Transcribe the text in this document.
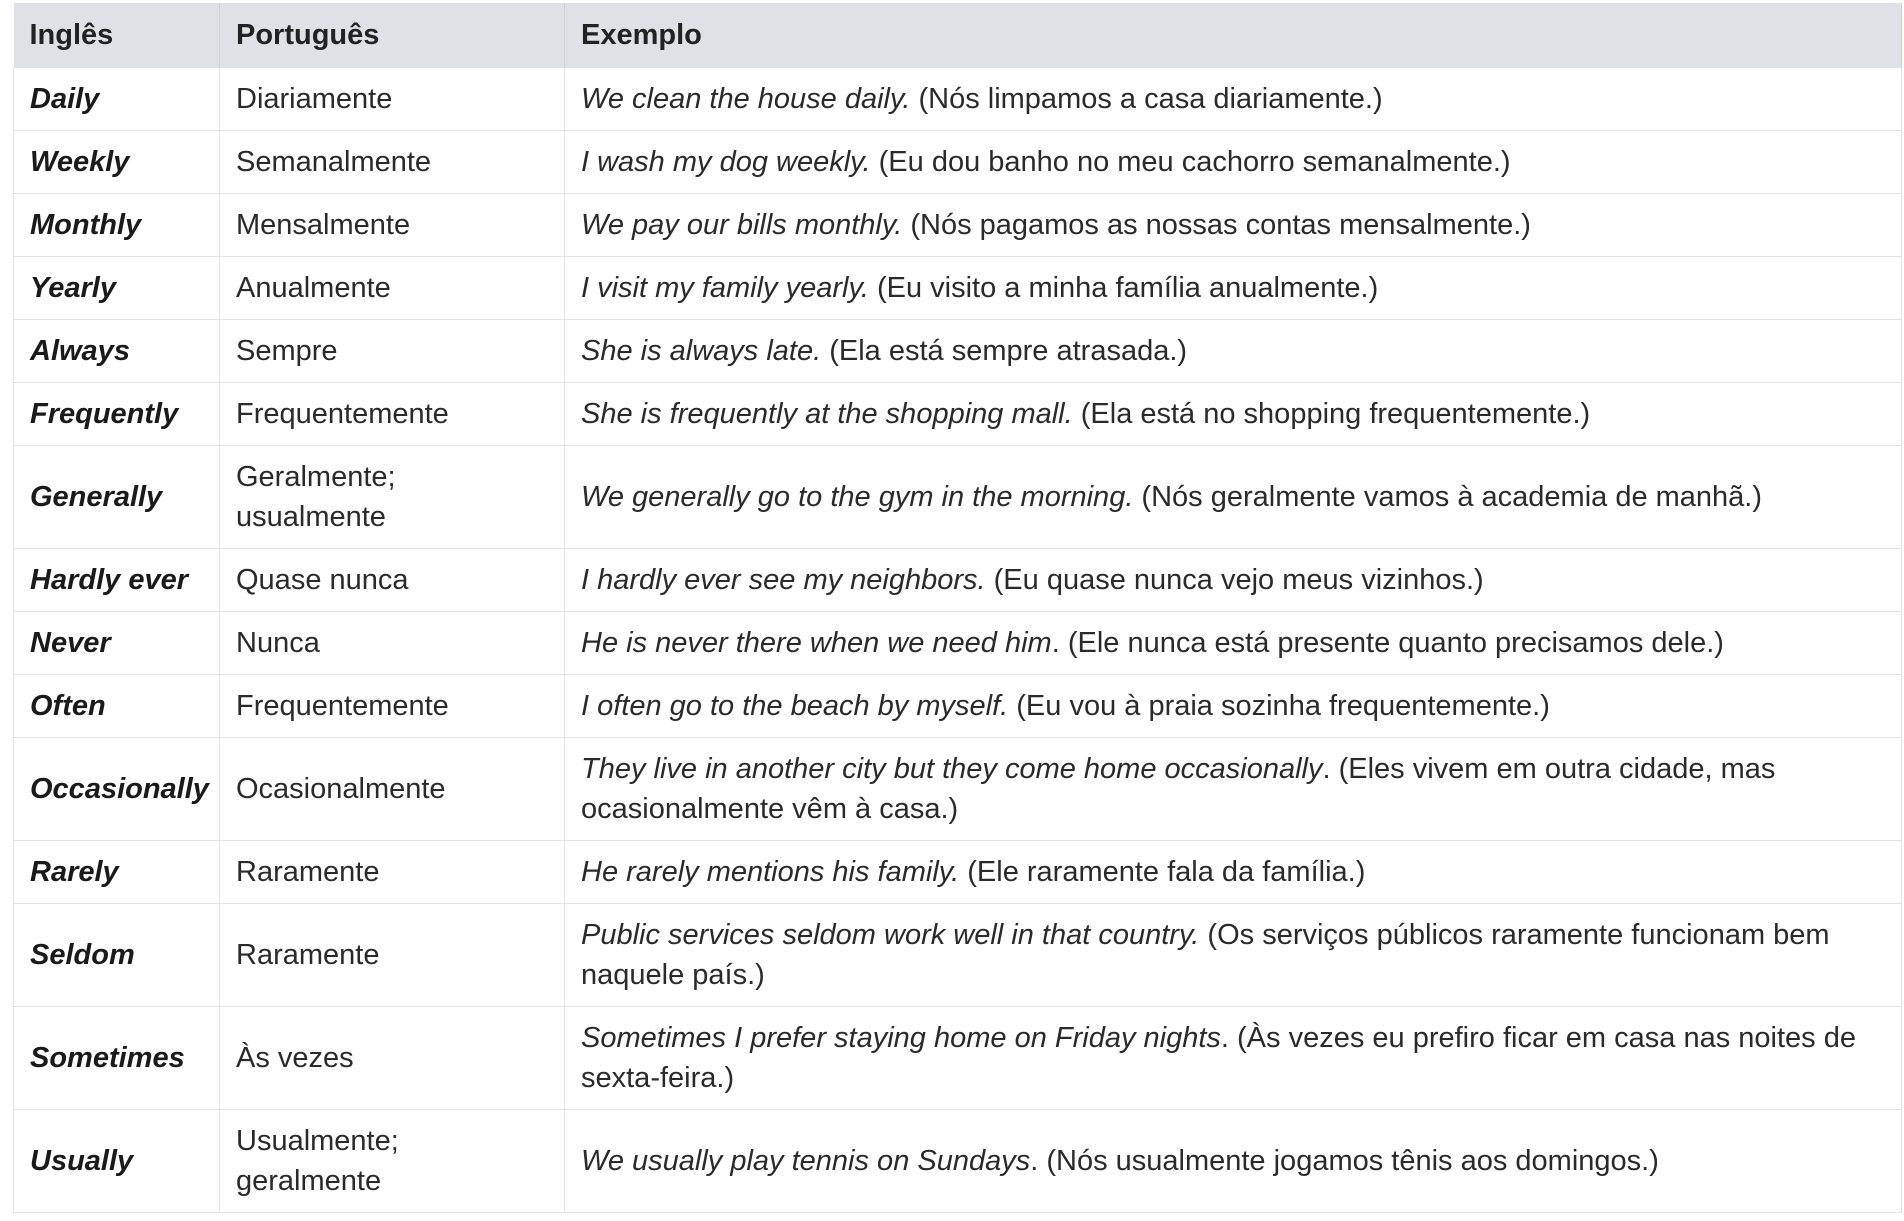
Inglês	Português	Exemplo
Daily	Diariamente	We clean the house daily. (Nós limpamos a casa diariamente.)
Weekly	Semanalmente	I wash my dog weekly. (Eu dou banho no meu cachorro semanalmente.)
Monthly	Mensalmente	We pay our bills monthly. (Nós pagamos as nossas contas mensalmente.)
Yearly	Anualmente	I visit my family yearly. (Eu visito a minha família anualmente.)
Always	Sempre	She is always late. (Ela está sempre atrasada.)
Frequently	Frequentemente	She is frequently at the shopping mall. (Ela está no shopping frequentemente.)
Generally	Geralmente; usualmente	We generally go to the gym in the morning. (Nós geralmente vamos à academia de manhã.)
Hardly ever	Quase nunca	I hardly ever see my neighbors. (Eu quase nunca vejo meus vizinhos.)
Never	Nunca	He is never there when we need him. (Ele nunca está presente quanto precisamos dele.)
Often	Frequentemente	I often go to the beach by myself. (Eu vou à praia sozinha frequentemente.)
Occasionally	Ocasionalmente	They live in another city but they come home occasionally. (Eles vivem em outra cidade, mas ocasionalmente vêm à casa.)
Rarely	Raramente	He rarely mentions his family. (Ele raramente fala da família.)
Seldom	Raramente	Public services seldom work well in that country. (Os serviços públicos raramente funcionam bem naquele país.)
Sometimes	Às vezes	Sometimes I prefer staying home on Friday nights. (Às vezes eu prefiro ficar em casa nas noites de sexta-feira.)
Usually	Usualmente; geralmente	We usually play tennis on Sundays. (Nós usualmente jogamos tênis aos domingos.)
